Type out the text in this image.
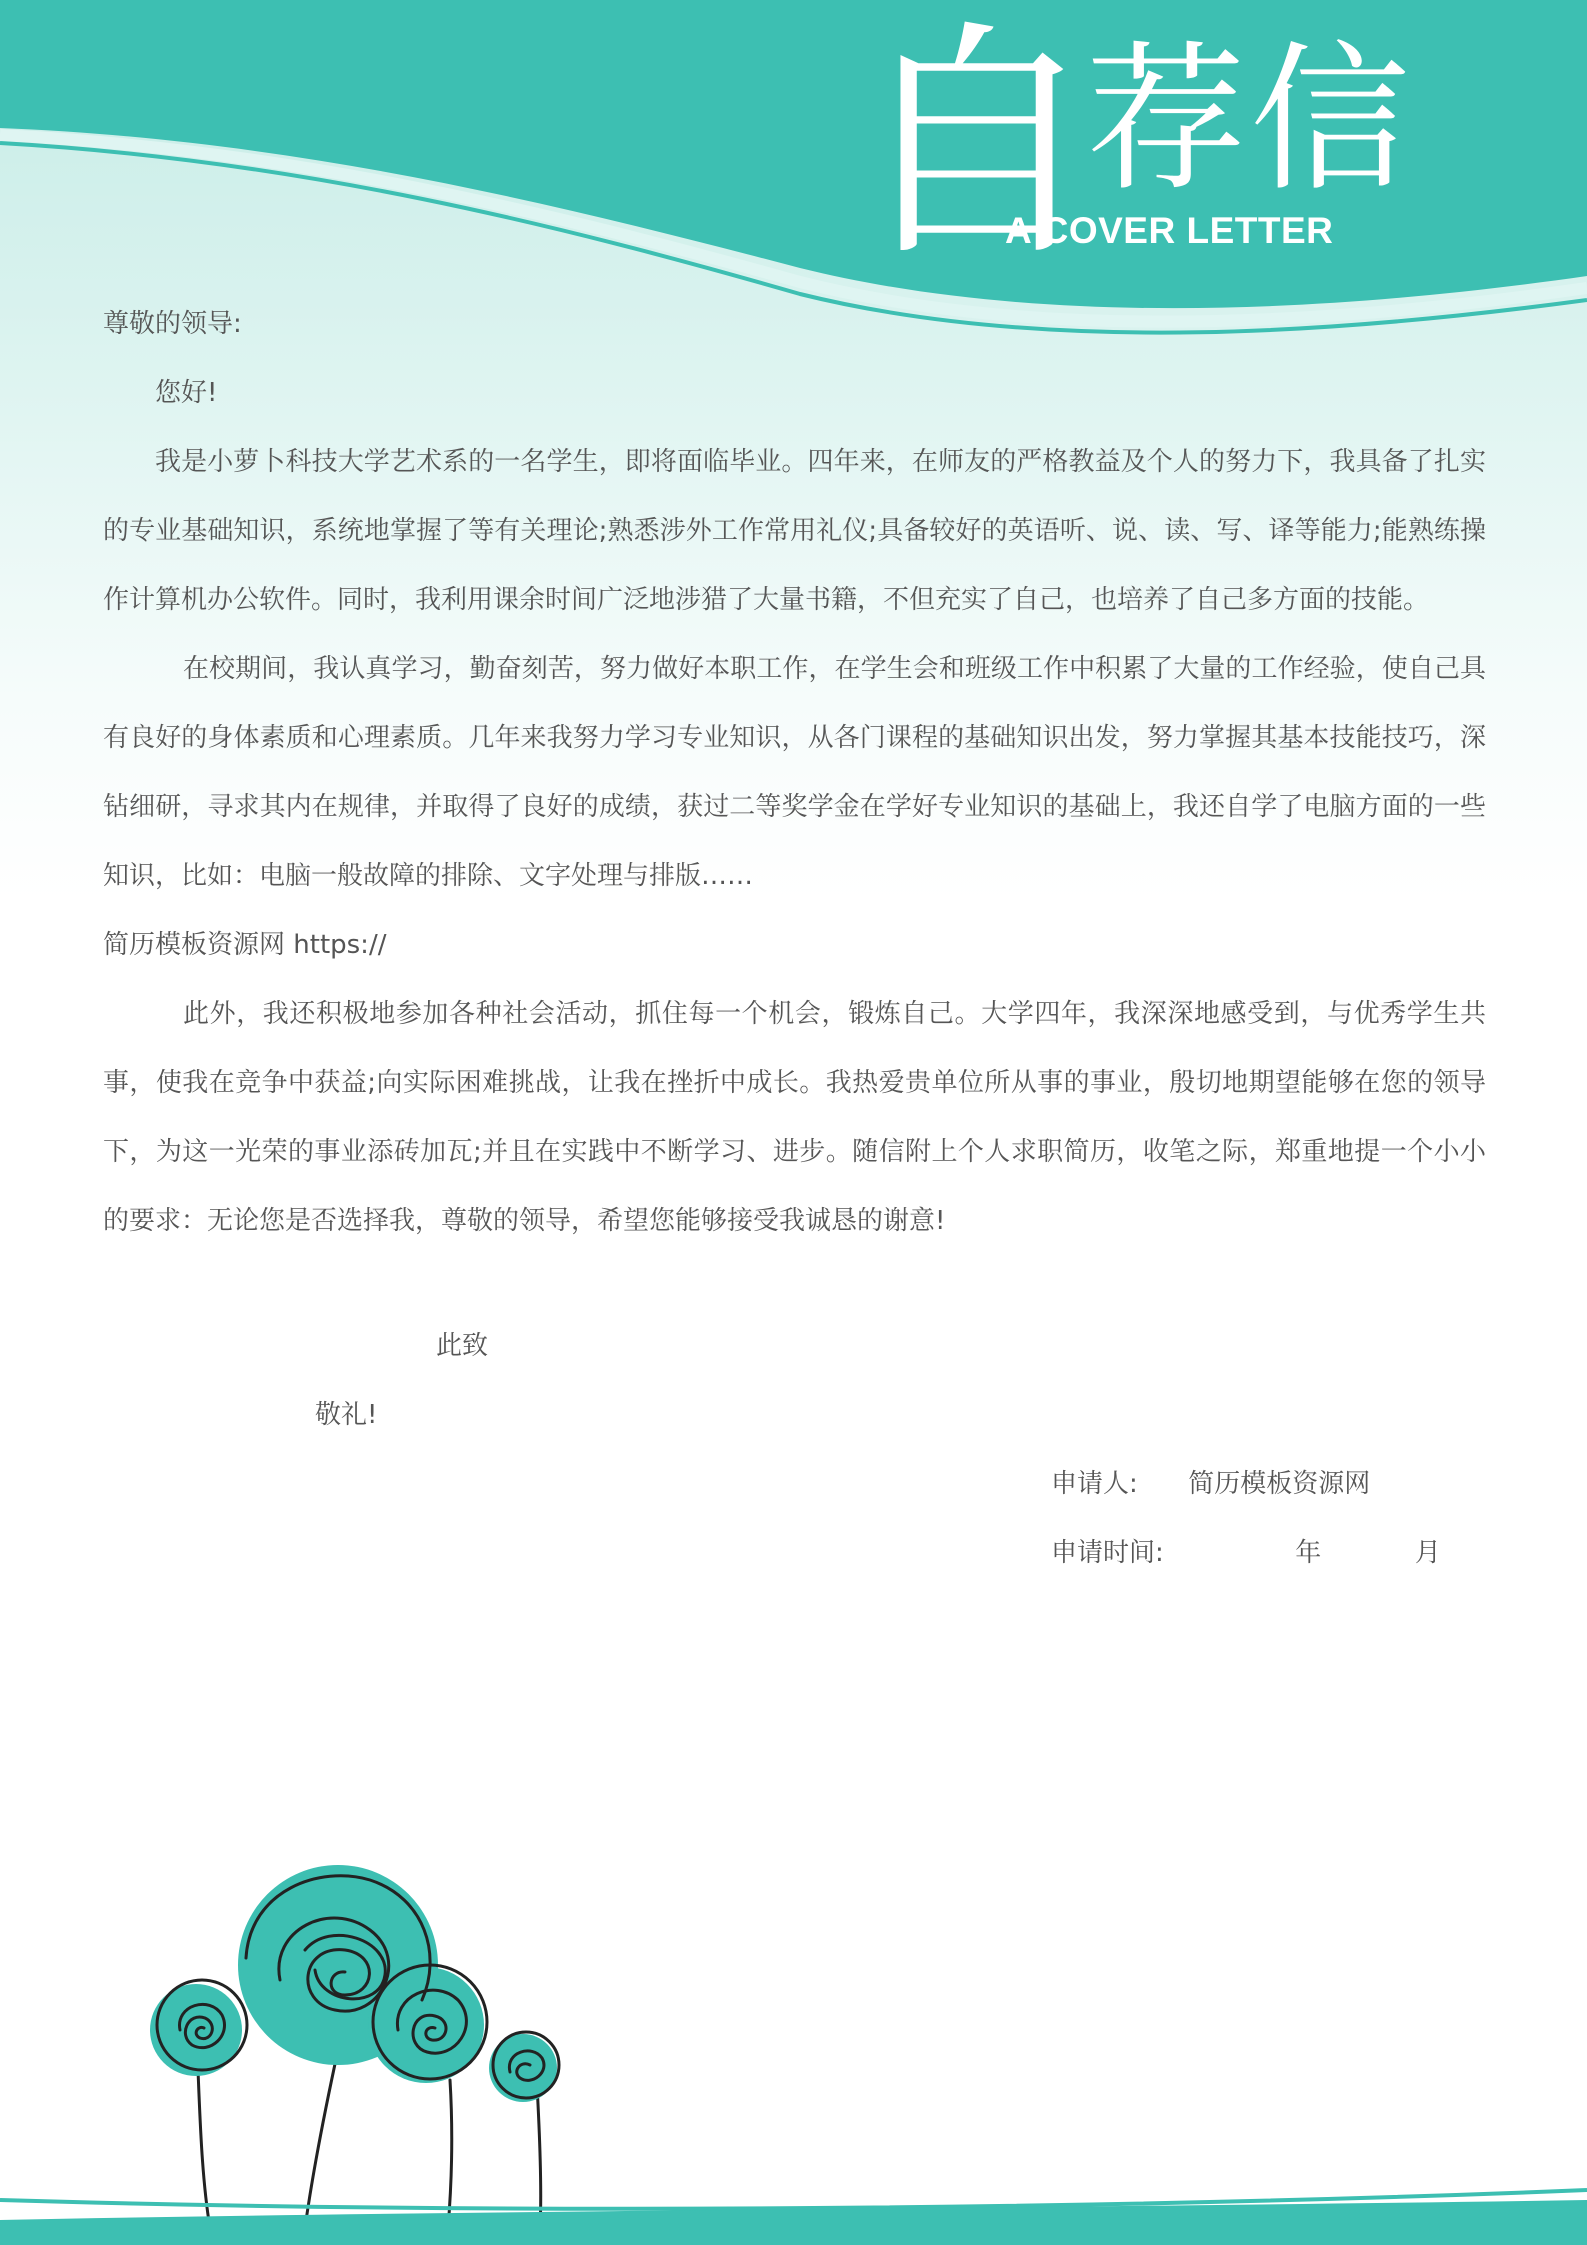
自荐信
A COVER LETTER

尊敬的领导:

您好!

我是小萝卜科技大学艺术系的一名学生，即将面临毕业。四年来，在师友的严格教益及个人的努力下，我具备了扎实的专业基础知识，系统地掌握了等有关理论;熟悉涉外工作常用礼仪;具备较好的英语听、说、读、写、译等能力;能熟练操作计算机办公软件。同时，我利用课余时间广泛地涉猎了大量书籍，不但充实了自己，也培养了自己多方面的技能。

在校期间，我认真学习，勤奋刻苦，努力做好本职工作，在学生会和班级工作中积累了大量的工作经验，使自己具有良好的身体素质和心理素质。几年来我努力学习专业知识，从各门课程的基础知识出发，努力掌握其基本技能技巧，深钻细研，寻求其内在规律，并取得了良好的成绩，获过二等奖学金在学好专业知识的基础上，我还自学了电脑方面的一些知识，比如：电脑一般故障的排除、文字处理与排版……

简历模板资源网 https://

此外，我还积极地参加各种社会活动，抓住每一个机会，锻炼自己。大学四年，我深深地感受到，与优秀学生共事，使我在竞争中获益;向实际困难挑战，让我在挫折中成长。我热爱贵单位所从事的事业，殷切地期望能够在您的领导下，为这一光荣的事业添砖加瓦;并且在实践中不断学习、进步。随信附上个人求职简历，收笔之际，郑重地提一个小小的要求：无论您是否选择我，尊敬的领导，希望您能够接受我诚恳的谢意!

此致
敬礼!
申请人: 简历模板资源网
申请时间:	年	月
